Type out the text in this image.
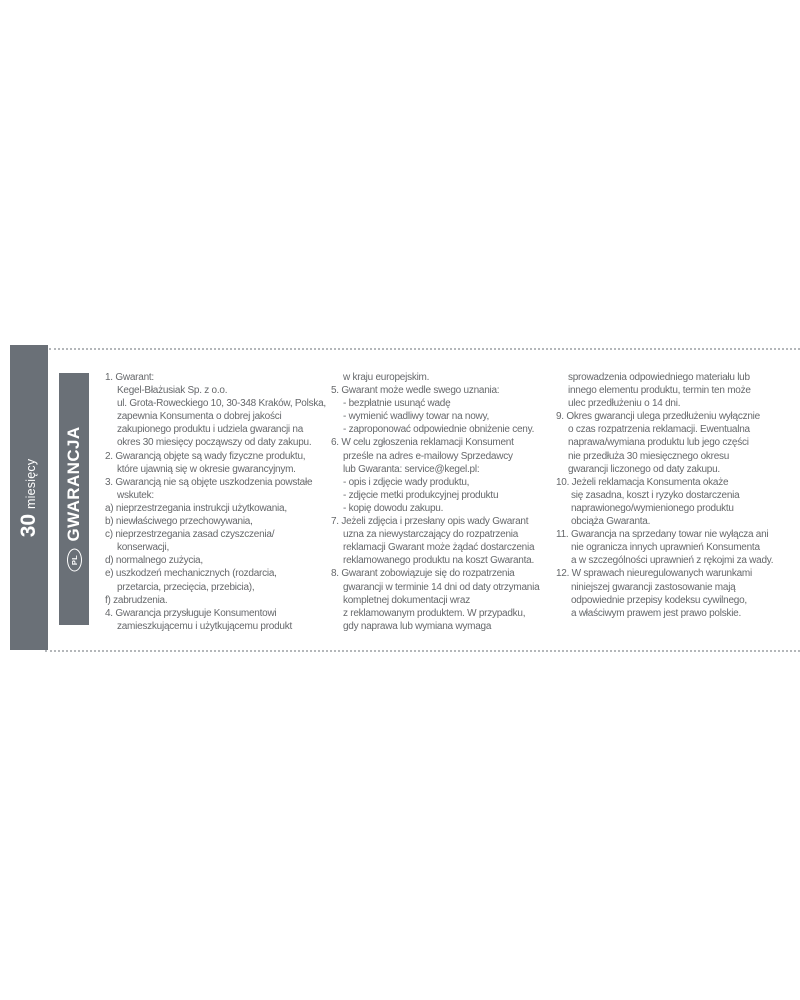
30
miesięcy
PL
GWARANCJA
1. Gwarant:
Kegel-Błażusiak Sp. z o.o.
ul. Grota-Roweckiego 10, 30-348 Kraków, Polska,
zapewnia Konsumenta o dobrej jakości
zakupionego produktu i udziela gwarancji na
okres 30 miesięcy począwszy od daty zakupu.
2. Gwarancją objęte są wady fizyczne produktu,
które ujawnią się w okresie gwarancyjnym.
3. Gwarancją nie są objęte uszkodzenia powstałe
wskutek:
a) nieprzestrzegania instrukcji użytkowania,
b) niewłaściwego przechowywania,
c) nieprzestrzegania zasad czyszczenia/
konserwacji,
d) normalnego zużycia,
e) uszkodzeń mechanicznych (rozdarcia,
przetarcia, przecięcia, przebicia),
f) zabrudzenia.
4. Gwarancja przysługuje Konsumentowi
zamieszkującemu i użytkującemu produkt
w kraju europejskim.
5. Gwarant może wedle swego uznania:
- bezpłatnie usunąć wadę
- wymienić wadliwy towar na nowy,
- zaproponować odpowiednie obniżenie ceny.
6. W celu zgłoszenia reklamacji Konsument
prześle na adres e-mailowy Sprzedawcy
lub Gwaranta: service@kegel.pl:
- opis i zdjęcie wady produktu,
- zdjęcie metki produkcyjnej produktu
- kopię dowodu zakupu.
7. Jeżeli zdjęcia i przesłany opis wady Gwarant
uzna za niewystarczający do rozpatrzenia
reklamacji Gwarant może żądać dostarczenia
reklamowanego produktu na koszt Gwaranta.
8. Gwarant zobowiązuje się do rozpatrzenia
gwarancji w terminie 14 dni od daty otrzymania
kompletnej dokumentacji wraz
z reklamowanym produktem. W przypadku,
gdy naprawa lub wymiana wymaga
sprowadzenia odpowiedniego materiału lub
innego elementu produktu, termin ten może
ulec przedłużeniu o 14 dni.
9. Okres gwarancji ulega przedłużeniu wyłącznie
o czas rozpatrzenia reklamacji. Ewentualna
naprawa/wymiana produktu lub jego części
nie przedłuża 30 miesięcznego okresu
gwarancji liczonego od daty zakupu.
10. Jeżeli reklamacja Konsumenta okaże
się zasadna, koszt i ryzyko dostarczenia
naprawionego/wymienionego produktu
obciąża Gwaranta.
11. Gwarancja na sprzedany towar nie wyłącza ani
nie ogranicza innych uprawnień Konsumenta
a w szczególności uprawnień z rękojmi za wady.
12. W sprawach nieuregulowanych warunkami
niniejszej gwarancji zastosowanie mają
odpowiednie przepisy kodeksu cywilnego,
a właściwym prawem jest prawo polskie.
